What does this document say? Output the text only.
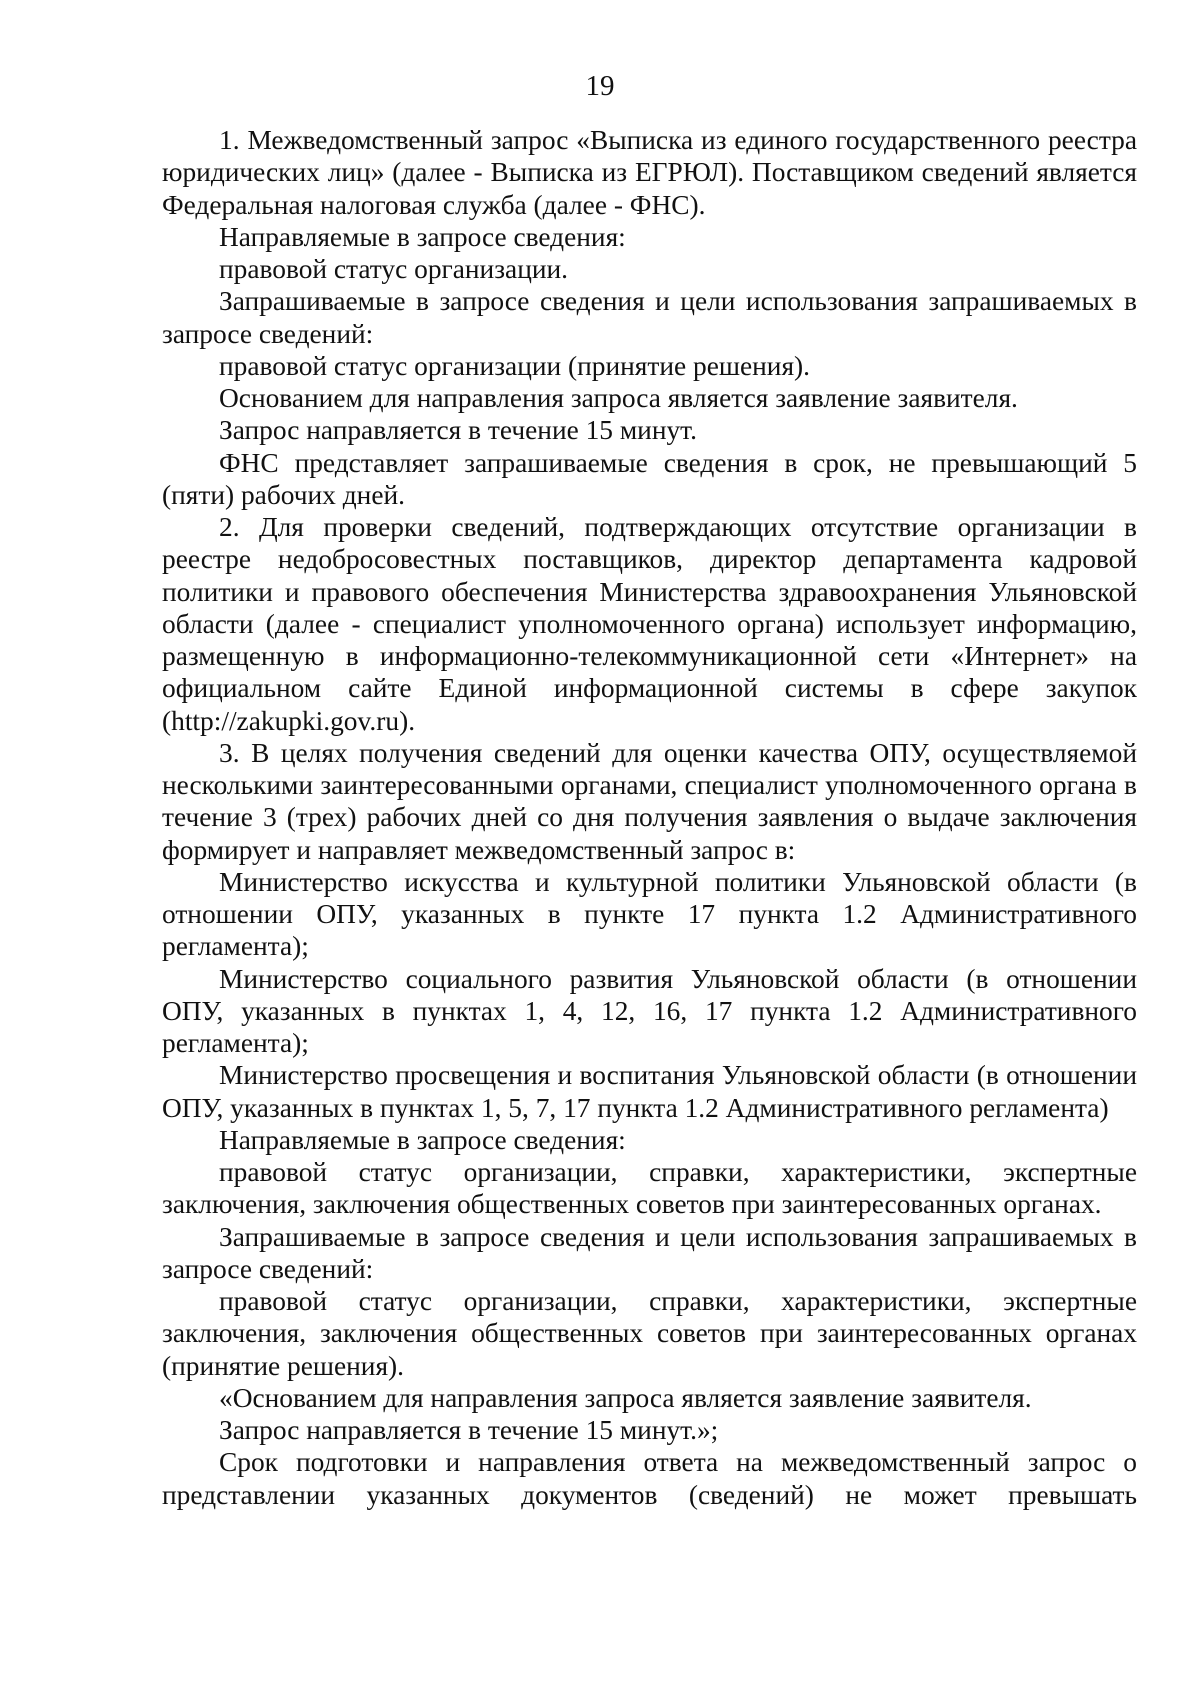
19

1. Межведомственный запрос «Выписка из единого государственного реестра юридических лиц» (далее - Выписка из ЕГРЮЛ). Поставщиком сведений является Федеральная налоговая служба (далее - ФНС).

Направляемые в запросе сведения:

правовой статус организации.

Запрашиваемые в запросе сведения и цели использования запрашиваемых в запросе сведений:

правовой статус организации (принятие решения).

Основанием для направления запроса является заявление заявителя.

Запрос направляется в течение 15 минут.

ФНС представляет запрашиваемые сведения в срок, не превышающий 5 (пяти) рабочих дней.

2. Для проверки сведений, подтверждающих отсутствие организации в реестре недобросовестных поставщиков, директор департамента кадровой политики и правового обеспечения Министерства здравоохранения Ульяновской области (далее - специалист уполномоченного органа) использует информацию, размещенную в информационно-телекоммуникационной сети «Интернет» на официальном сайте Единой информационной системы в сфере закупок (http://zakupki.gov.ru).

3. В целях получения сведений для оценки качества ОПУ, осуществляемой несколькими заинтересованными органами, специалист уполномоченного органа в течение 3 (трех) рабочих дней со дня получения заявления о выдаче заключения формирует и направляет межведомственный запрос в:

Министерство искусства и культурной политики Ульяновской области (в отношении ОПУ, указанных в пункте 17 пункта 1.2 Административного регламента);

Министерство социального развития Ульяновской области (в отношении ОПУ, указанных в пунктах 1, 4, 12, 16, 17 пункта 1.2 Административного регламента);

Министерство просвещения и воспитания Ульяновской области (в отношении ОПУ, указанных в пунктах 1, 5, 7, 17 пункта 1.2 Административного регламента)

Направляемые в запросе сведения:

правовой статус организации, справки, характеристики, экспертные заключения, заключения общественных советов при заинтересованных органах.

Запрашиваемые в запросе сведения и цели использования запрашиваемых в запросе сведений:

правовой статус организации, справки, характеристики, экспертные заключения, заключения общественных советов при заинтересованных органах (принятие решения).

«Основанием для направления запроса является заявление заявителя.

Запрос направляется в течение 15 минут.»;

Срок подготовки и направления ответа на межведомственный запрос о представлении указанных документов (сведений) не может превышать
